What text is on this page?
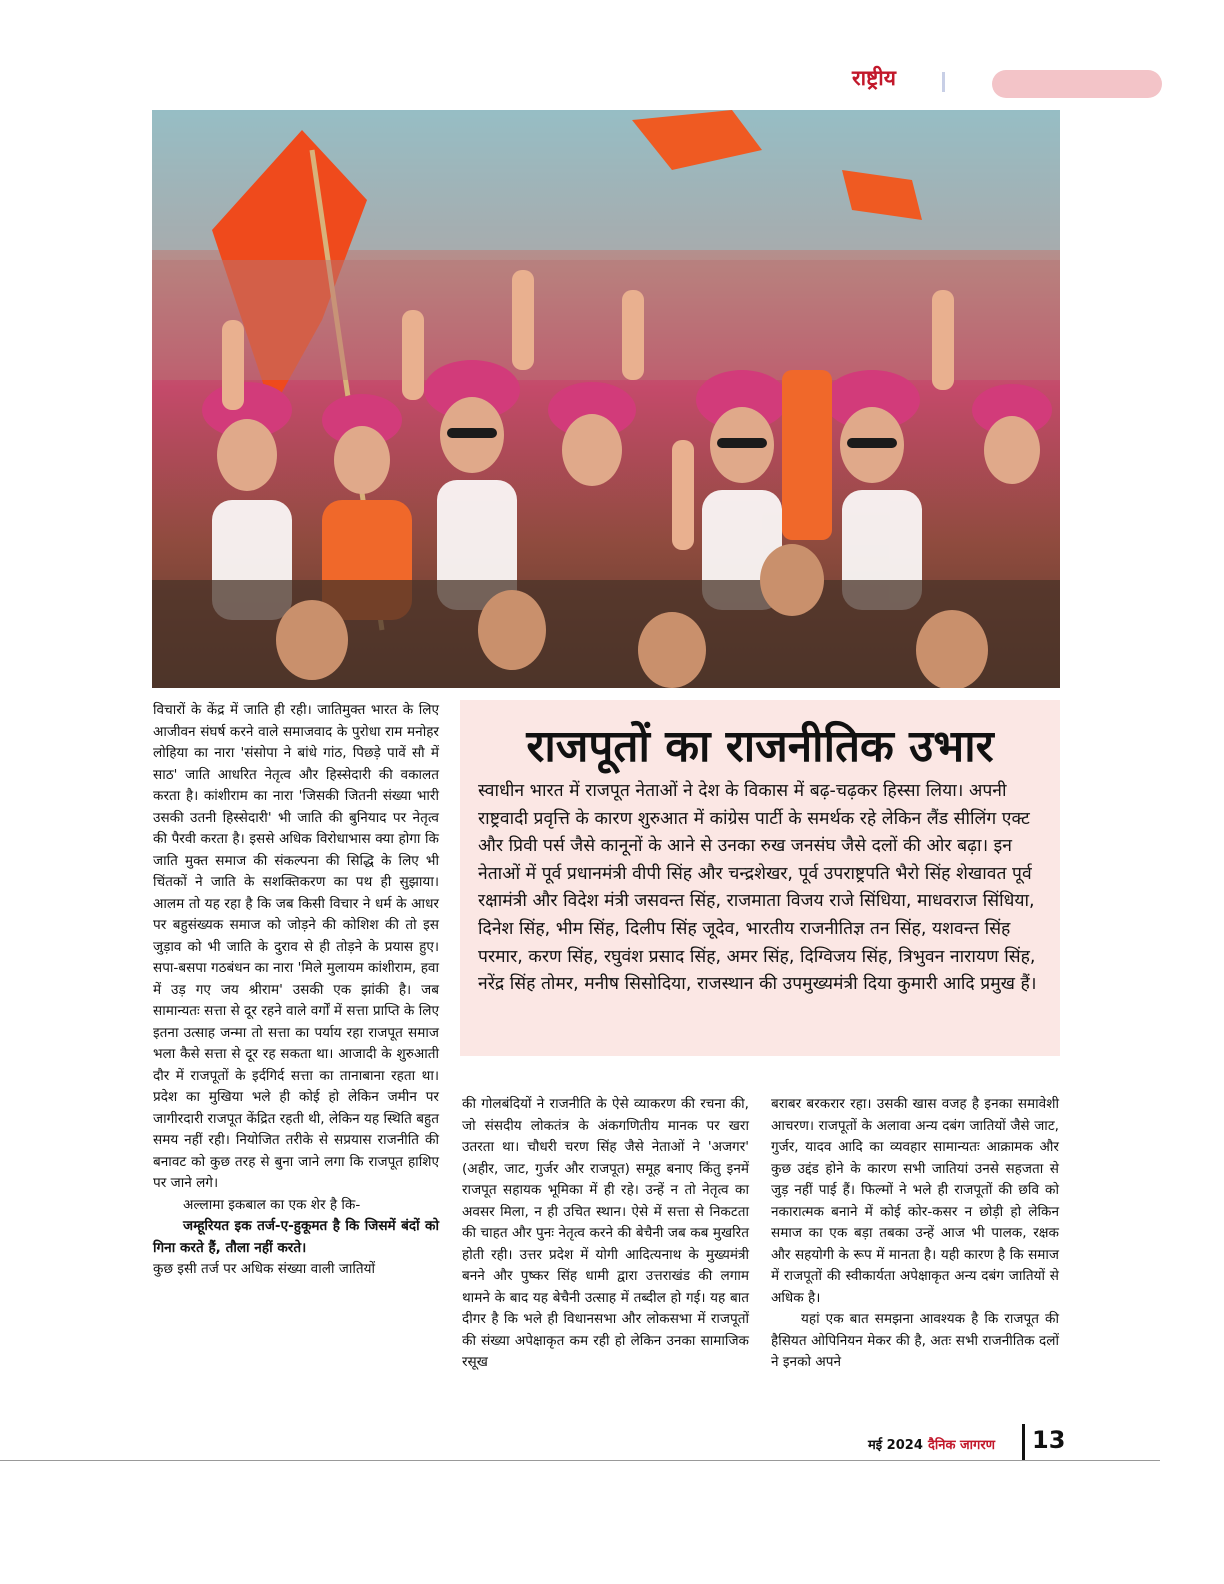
राष्ट्रीय

विचारों के केंद्र में जाति ही रही। जातिमुक्त भारत के लिए आजीवन संघर्ष करने वाले समाजवाद के पुरोधा राम मनोहर लोहिया का नारा 'संसोपा ने बांधे गांठ, पिछड़े पावें सौ में साठ' जाति आधरित नेतृत्व और हिस्सेदारी की वकालत करता है। कांशीराम का नारा 'जिसकी जितनी संख्या भारी उसकी उतनी हिस्सेदारी' भी जाति की बुनियाद पर नेतृत्व की पैरवी करता है। इससे अधिक विरोधाभास क्या होगा कि जाति मुक्त समाज की संकल्पना की सिद्धि के लिए भी चिंतकों ने जाति के सशक्तिकरण का पथ ही सुझाया। आलम तो यह रहा है कि जब किसी विचार ने धर्म के आधर पर बहुसंख्यक समाज को जोड़ने की कोशिश की तो इस जुड़ाव को भी जाति के दुराव से ही तोड़ने के प्रयास हुए। सपा-बसपा गठबंधन का नारा 'मिले मुलायम कांशीराम, हवा में उड़ गए जय श्रीराम' उसकी एक झांकी है। जब सामान्यतः सत्ता से दूर रहने वाले वर्गों में सत्ता प्राप्ति के लिए इतना उत्साह जन्मा तो सत्ता का पर्याय रहा राजपूत समाज भला कैसे सत्ता से दूर रह सकता था। आजादी के शुरुआती दौर में राजपूतों के इर्दगिर्द सत्ता का तानाबाना रहता था। प्रदेश का मुखिया भले ही कोई हो लेकिन जमीन पर जागीरदारी राजपूत केंद्रित रहती थी, लेकिन यह स्थिति बहुत समय नहीं रही। नियोजित तरीके से सप्रयास राजनीति की बनावट को कुछ तरह से बुना जाने लगा कि राजपूत हाशिए पर जाने लगे।

अल्लामा इकबाल का एक शेर है कि-

जम्हूरियत इक तर्ज-ए-हुकूमत है कि जिसमें बंदों को गिना करते हैं, तौला नहीं करते।

कुछ इसी तर्ज पर अधिक संख्या वाली जातियों

राजपूतों का राजनीतिक उभार
स्वाधीन भारत में राजपूत नेताओं ने देश के विकास में बढ़-चढ़कर हिस्सा लिया। अपनी राष्ट्रवादी प्रवृत्ति के कारण शुरुआत में कांग्रेस पार्टी के समर्थक रहे लेकिन लैंड सीलिंग एक्ट और प्रिवी पर्स जैसे कानूनों के आने से उनका रुख जनसंघ जैसे दलों की ओर बढ़ा। इन नेताओं में पूर्व प्रधानमंत्री वीपी सिंह और चन्द्रशेखर, पूर्व उपराष्ट्रपति भैरो सिंह शेखावत पूर्व रक्षामंत्री और विदेश मंत्री जसवन्त सिंह, राजमाता विजय राजे सिंधिया, माधवराज सिंधिया, दिनेश सिंह, भीम सिंह, दिलीप सिंह जूदेव, भारतीय राजनीतिज्ञ तन सिंह, यशवन्त सिंह परमार, करण सिंह, रघुवंश प्रसाद सिंह, अमर सिंह, दिग्विजय सिंह, त्रिभुवन नारायण सिंह, नरेंद्र सिंह तोमर, मनीष सिसोदिया, राजस्थान की उपमुख्यमंत्री दिया कुमारी आदि प्रमुख हैं।

की गोलबंदियों ने राजनीति के ऐसे व्याकरण की रचना की, जो संसदीय लोकतंत्र के अंकगणितीय मानक पर खरा उतरता था। चौधरी चरण सिंह जैसे नेताओं ने 'अजगर' (अहीर, जाट, गुर्जर और राजपूत) समूह बनाए किंतु इनमें राजपूत सहायक भूमिका में ही रहे। उन्हें न तो नेतृत्व का अवसर मिला, न ही उचित स्थान। ऐसे में सत्ता से निकटता की चाहत और पुनः नेतृत्व करने की बेचैनी जब कब मुखरित होती रही। उत्तर प्रदेश में योगी आदित्यनाथ के मुख्यमंत्री बनने और पुष्कर सिंह धामी द्वारा उत्तराखंड की लगाम थामने के बाद यह बेचैनी उत्साह में तब्दील हो गई। यह बात दीगर है कि भले ही विधानसभा और लोकसभा में राजपूतों की संख्या अपेक्षाकृत कम रही हो लेकिन उनका सामाजिक रसूख

बराबर बरकरार रहा। उसकी खास वजह है इनका समावेशी आचरण। राजपूतों के अलावा अन्य दबंग जातियों जैसे जाट, गुर्जर, यादव आदि का व्यवहार सामान्यतः आक्रामक और कुछ उद्दंड होने के कारण सभी जातियां उनसे सहजता से जुड़ नहीं पाई हैं। फिल्मों ने भले ही राजपूतों की छवि को नकारात्मक बनाने में कोई कोर-कसर न छोड़ी हो लेकिन समाज का एक बड़ा तबका उन्हें आज भी पालक, रक्षक और सहयोगी के रूप में मानता है। यही कारण है कि समाज में राजपूतों की स्वीकार्यता अपेक्षाकृत अन्य दबंग जातियों से अधिक है।

यहां एक बात समझना आवश्यक है कि राजपूत की हैसियत ओपिनियन मेकर की है, अतः सभी राजनीतिक दलों ने इनको अपने

मई 2024 दैनिक जागरण 13
